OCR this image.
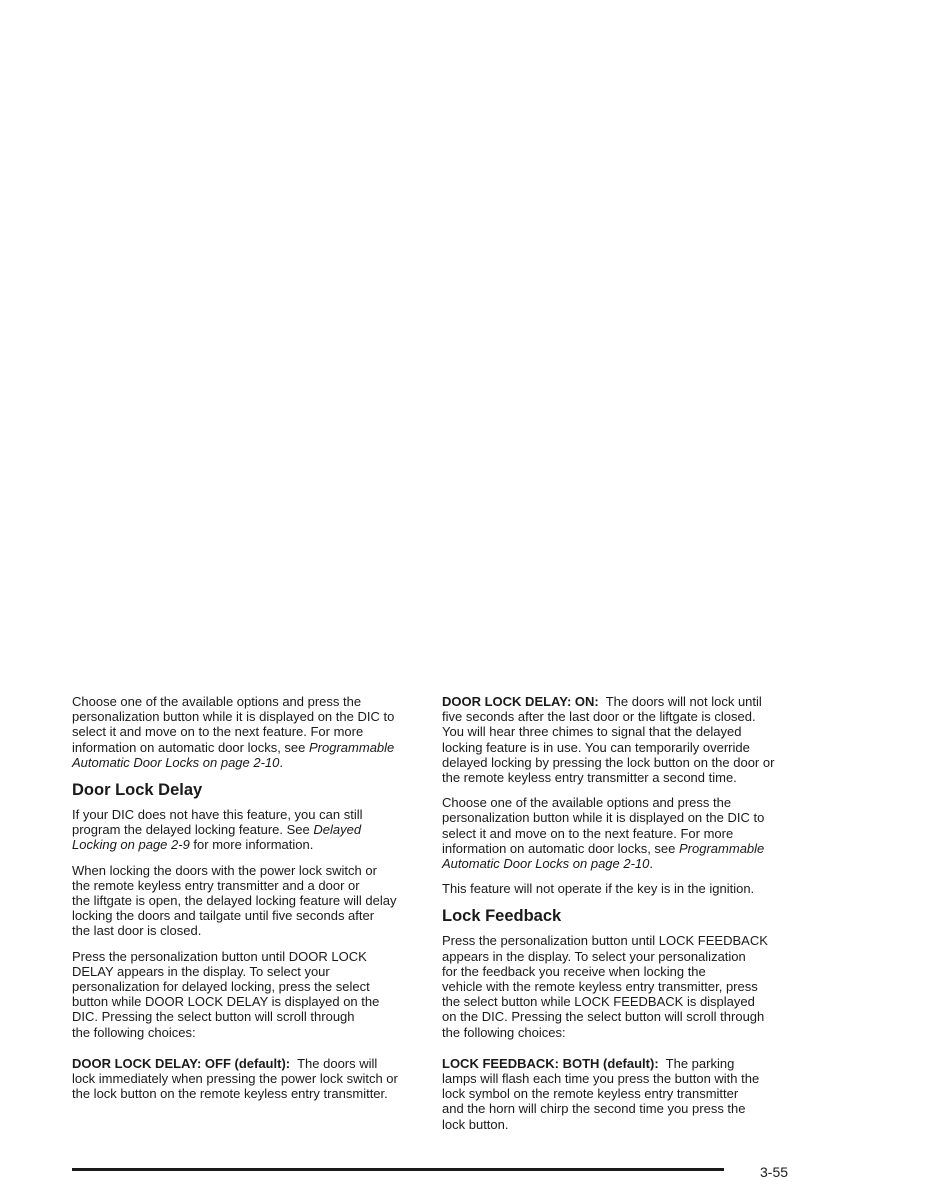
Choose one of the available options and press the
personalization button while it is displayed on the DIC to
select it and move on to the next feature. For more
information on automatic door locks, see Programmable
Automatic Door Locks on page 2-10.

Door Lock Delay

If your DIC does not have this feature, you can still
program the delayed locking feature. See Delayed
Locking on page 2-9 for more information.

When locking the doors with the power lock switch or
the remote keyless entry transmitter and a door or
the liftgate is open, the delayed locking feature will delay
locking the doors and tailgate until five seconds after
the last door is closed.

Press the personalization button until DOOR LOCK
DELAY appears in the display. To select your
personalization for delayed locking, press the select
button while DOOR LOCK DELAY is displayed on the
DIC. Pressing the select button will scroll through
the following choices:

DOOR LOCK DELAY: OFF (default):  The doors will
lock immediately when pressing the power lock switch or
the lock button on the remote keyless entry transmitter.

DOOR LOCK DELAY: ON:  The doors will not lock until
five seconds after the last door or the liftgate is closed.
You will hear three chimes to signal that the delayed
locking feature is in use. You can temporarily override
delayed locking by pressing the lock button on the door or
the remote keyless entry transmitter a second time.

Choose one of the available options and press the
personalization button while it is displayed on the DIC to
select it and move on to the next feature. For more
information on automatic door locks, see Programmable
Automatic Door Locks on page 2-10.

This feature will not operate if the key is in the ignition.

Lock Feedback

Press the personalization button until LOCK FEEDBACK
appears in the display. To select your personalization
for the feedback you receive when locking the
vehicle with the remote keyless entry transmitter, press
the select button while LOCK FEEDBACK is displayed
on the DIC. Pressing the select button will scroll through
the following choices:

LOCK FEEDBACK: BOTH (default):  The parking
lamps will flash each time you press the button with the
lock symbol on the remote keyless entry transmitter
and the horn will chirp the second time you press the
lock button.

3-55
